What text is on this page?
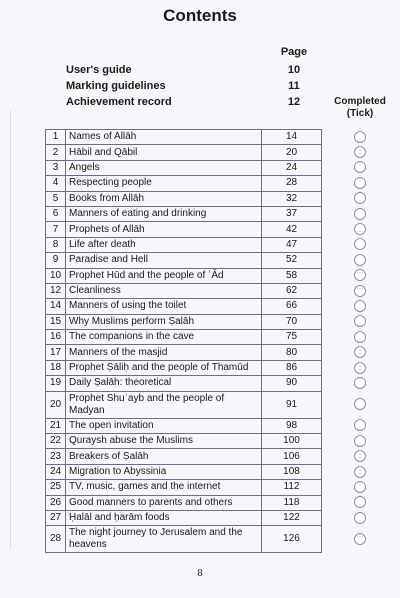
Contents
Page
User's guide	10
Marking guidelines	11
Achievement record	12	Completed
(Tick)
1	Names of Allāh	14
2	Hābil and Qābil	20
3	Angels	24
4	Respecting people	28
5	Books from Allāh	32
6	Manners of eating and drinking	37
7	Prophets of Allāh	42
8	Life after death	47
9	Paradise and Hell	52
10	Prophet Hūd and the people of ʿĀd	58
12	Cleanliness	62
14	Manners of using the toilet	66
15	Why Muslims perform Ṣalāh	70
16	The companions in the cave	75
17	Manners of the masjid	80
18	Prophet Ṣāliḥ and the people of Thamūd	86
19	Daily Ṣalāh: theoretical	90
20	Prophet Shuʿayb and the people of Madyan	91
21	The open invitation	98
22	Quraysh abuse the Muslims	100
23	Breakers of Ṣalāh	106
24	Migration to Abyssinia	108
25	TV, music, games and the internet	112
26	Good manners to parents and others	118
27	Ḥalāl and ḥarām foods	122
28	The night journey to Jerusalem and the heavens	126
8
